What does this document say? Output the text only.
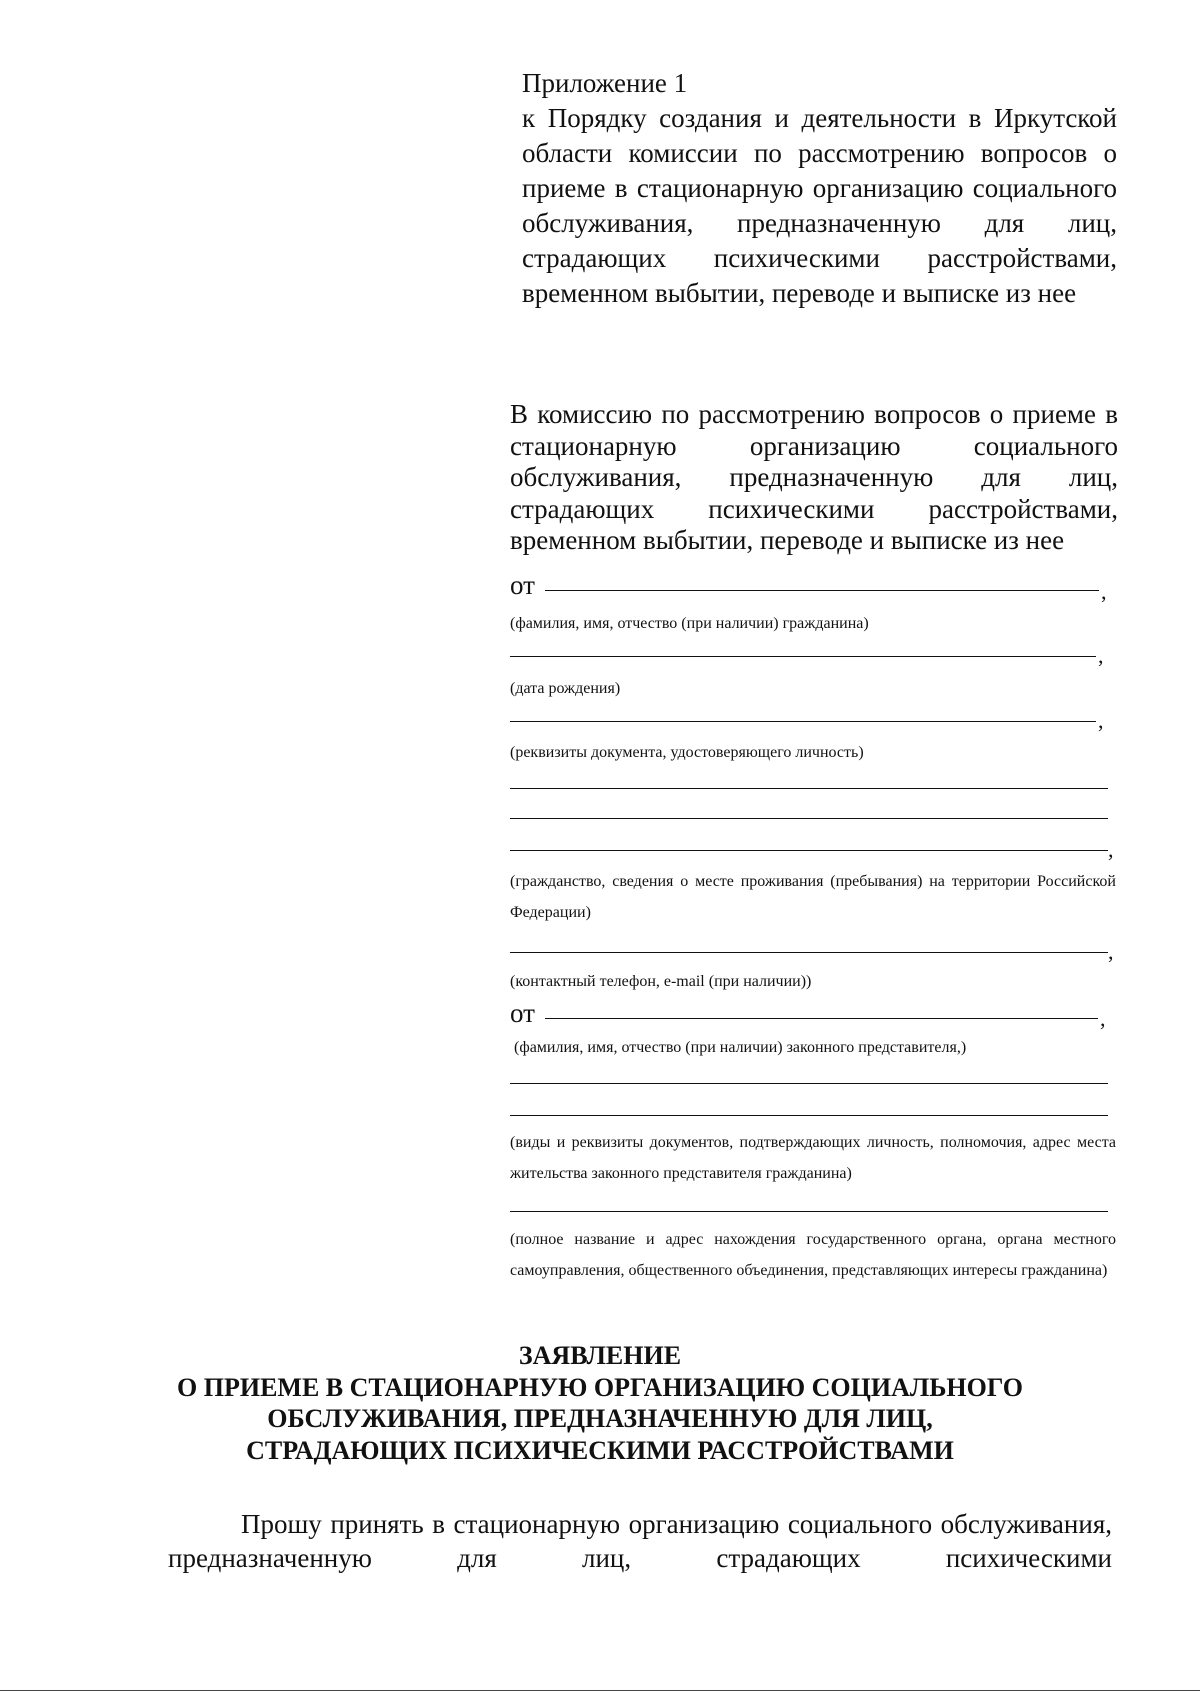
Приложение 1
к Порядку создания и деятельности в Иркутской области комиссии по рассмотрению вопросов о приеме в стационарную организацию социального обслуживания, предназначенную для лиц, страдающих психическими расстройствами, временном выбытии, переводе и выписке из нее
В комиссию по рассмотрению вопросов о приеме в стационарную организацию социального обслуживания, предназначенную для лиц, страдающих психическими расстройствами, временном выбытии, переводе и выписке из нее
от	,
(фамилия, имя, отчество (при наличии) гражданина)
,
(дата рождения)
,
(реквизиты документа, удостоверяющего личность)
,
(гражданство, сведения о месте проживания (пребывания) на территории Российской Федерации)
,
(контактный телефон, e-mail (при наличии))
от	,
(фамилия, имя, отчество (при наличии) законного представителя,)
(виды и реквизиты документов, подтверждающих личность, полномочия, адрес места жительства законного представителя гражданина)
(полное название и адрес нахождения государственного органа, органа местного самоуправления, общественного объединения, представляющих интересы гражданина)
ЗАЯВЛЕНИЕ
О ПРИЕМЕ В СТАЦИОНАРНУЮ ОРГАНИЗАЦИЮ СОЦИАЛЬНОГО
ОБСЛУЖИВАНИЯ, ПРЕДНАЗНАЧЕННУЮ ДЛЯ ЛИЦ,
СТРАДАЮЩИХ ПСИХИЧЕСКИМИ РАССТРОЙСТВАМИ
Прошу принять в стационарную организацию социального обслуживания, предназначенную для лиц, страдающих психическими
